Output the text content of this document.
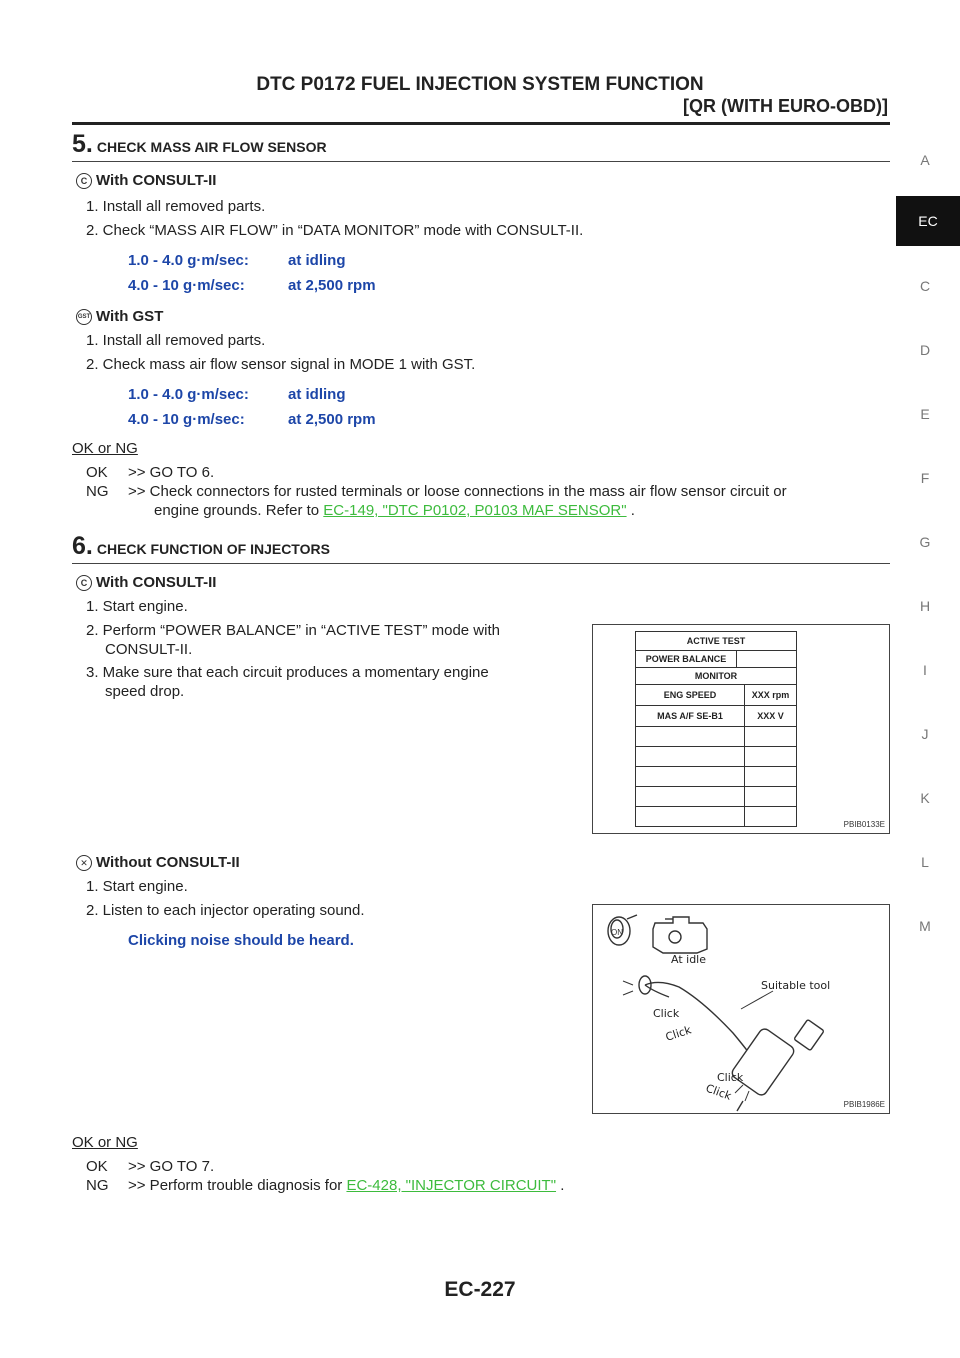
DTC P0172 FUEL INJECTION SYSTEM FUNCTION
[QR (WITH EURO-OBD)]
A
EC
C
D
E
F
G
H
I
J
K
L
M
5. CHECK MASS AIR FLOW SENSOR
C With CONSULT-II
1. Install all removed parts.
2. Check “MASS AIR FLOW” in “DATA MONITOR” mode with CONSULT-II.
1.0 - 4.0 g·m/sec:	at idling
4.0 - 10 g·m/sec:	at 2,500 rpm
GST With GST
1. Install all removed parts.
2. Check mass air flow sensor signal in MODE 1 with GST.
1.0 - 4.0 g·m/sec:	at idling
4.0 - 10 g·m/sec:	at 2,500 rpm
OK or NG
OK >> GO TO 6.
NG >> Check connectors for rusted terminals or loose connections in the mass air flow sensor circuit or
engine grounds. Refer to EC-149, "DTC P0102, P0103 MAF SENSOR" .
6. CHECK FUNCTION OF INJECTORS
C With CONSULT-II
1. Start engine.
2. Perform “POWER BALANCE” in “ACTIVE TEST” mode with
CONSULT-II.
3. Make sure that each circuit produces a momentary engine
speed drop.
ACTIVE TEST
POWER BALANCE
MONITOR
ENG SPEED	XXX rpm
MAS A/F SE-B1	XXX V
PBIB0133E
✕ Without CONSULT-II
1. Start engine.
2. Listen to each injector operating sound.
Clicking noise should be heard.	ON
At idle
Suitable tool
Click
Click
Click
Click
PBIB1986E
OK or NG
OK >> GO TO 7.
NG >> Perform trouble diagnosis for EC-428, "INJECTOR CIRCUIT" .
EC-227
